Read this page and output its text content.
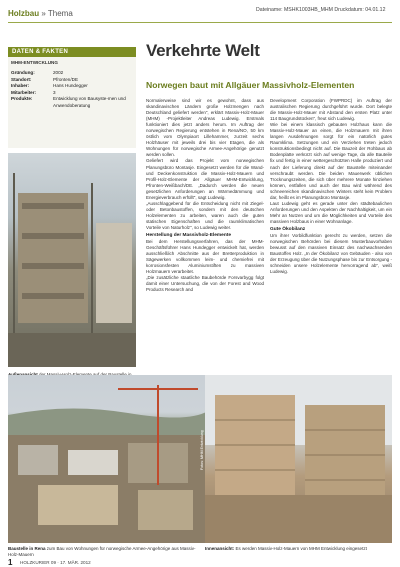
Holzbau » Thema	Dateiname: MSHK1003HB_MHM Druckdatum: 04.01.12
DATEN & FAKTEN
MHM-ENTWICKLUNG
Gründung:	2002
Standort:	Pfronten/DE
Inhaber:	Hans Hundegger
Mitarbeiter:	3
Produkte:	Entwicklung von Bausyste-men und Anwendoberatung
Verkehrte Welt
Norwegen baut mit Allgäuer Massivholz-Elementen

Normalerweise sind wir es gewohnt, dass aus skandinavischen Ländern große Holzmengen nach Deutschland geliefert werden", erklärt Massiv-Holz-Mauer (MHM) -Projektleiter Andreas Ludewig. Erstmals funktioniert dies jetzt anders herum. Im Auftrag der norwegischen Regierung entstehen in Rena/NO, 50 km östlich vom Olympiaort Lillehammer, zurzeit sechs Holzhäuser mit jeweils drei bis vier Etagen, die als Wohnungen für norwegische Armee-Angehörige genutzt werden sollen.

Geliefert wird das Projekt vom norwegischen Planungsbüro Montasje. Eingesetzt werden für die Wand- und Deckenkonstruktion die Massiv-Holz-Mauern und Profil-Holz-Elemente der Allgäuer MHM-Entwicklung, Pfronten-Weißbach/DE. „Dadurch werden die neuen gesetzlichen Anforderungen an Wärmedämmung und Energieverbrauch erfüllt", sagt Ludewig.

„Ausschlaggebend für die Entscheidung nicht mit Ziegel- oder Betonbaustoffen, sondern mit den deutschen Holzelementen zu arbeiten, waren auch die guten statischen Eigenschaften und die raumklimatischen Vorteile von Naturholz", so Ludewig weiter.

Herstellung der Massivholz-Elemente

Bei dem Herstellungsverfahren, das der MHM-Geschäftsführer Hans Hundegger entwickelt hat, werden ausschließlich Abschnitte aus der Bretterproduktion in Sägewerken vollkommen leim- und chemiefrei mit korrosionsfesten Aluminiumstiften zu massiven Holzmauern verarbeitet.

„Die zusätzliche staatliche Baubehörde Forsvarbygg folgt damit einer Untersuchung, die von der Forest and Wood Products Research and

Development Corporation (FWPRDC) im Auftrag der australischen Regierung durchgeführt wurde. Dort belegte die Massiv-Holz-Mauer mit Abstand den ersten Platz unter 114 Baugrundstücken", freut sich Ludewig.

Wie bei einem klassisch gebauten Holzhaus kann die Massiv-Holz-Mauer an einen, die Holzmauern mit ihren langen Ausdehnungen sorgt für ein natürlich gutes Raumklima. Setzungen und ein Verziehen treten jedoch konstruktionsbedingt nicht auf. Die Bauzeit der Rohbaus ab Bodenplatte verkürzt sich auf wenige Tage, da alle Bauteile fix und fertig in einer wettergeschützten Halle produziert und nach der Lieferung direkt auf der Baustelle miteinander verschraubt werden. Die beiden Mauerwerk üblichen Trocknungszeiten, die sich über mehrere Monate hinziehen können, entfallen und auch der Bau wird während des schneereichen skandinavischen Winters steht kein Problem dar, heißt es im Planungsbüro Montasje.

Laut Ludewig geht es gerade unter den städtebaulichen Anforderungen und den Aspekten der Nachhaltigkeit, um ein Mehr an Nutzen und um die Möglichkeiten und Vorteile des massiven Holzbaus in einer Wohnanlage.

Gute Ökobilanz

Um ihrer Vorbildfunktion gerecht zu werden, setzen die norwegischen Behörden bei diesem Musterbauvorhaben bewusst auf den massiven Einsatz des nachwachsenden Baustoffes Holz. „In der Ökobilanz von Gebäuden - also von der Erzeugung über die Nutzungsphase bis zur Entsorgung - schneiden unsere Holzelemente hervorragend ab", weiß Ludewig.

Fotos: MHM Entwicklung
Baustelle in Rena zum Bau von Wohnungen für norwegische Armee-Angehörige aus Massiv-Holz-Mauern
Innenansicht: Es werden Massiv-Holz-Mauern von MHM Entwicklung eingesetzt
1 HOLZKURIER 09 · 17. MÄR. 2012
